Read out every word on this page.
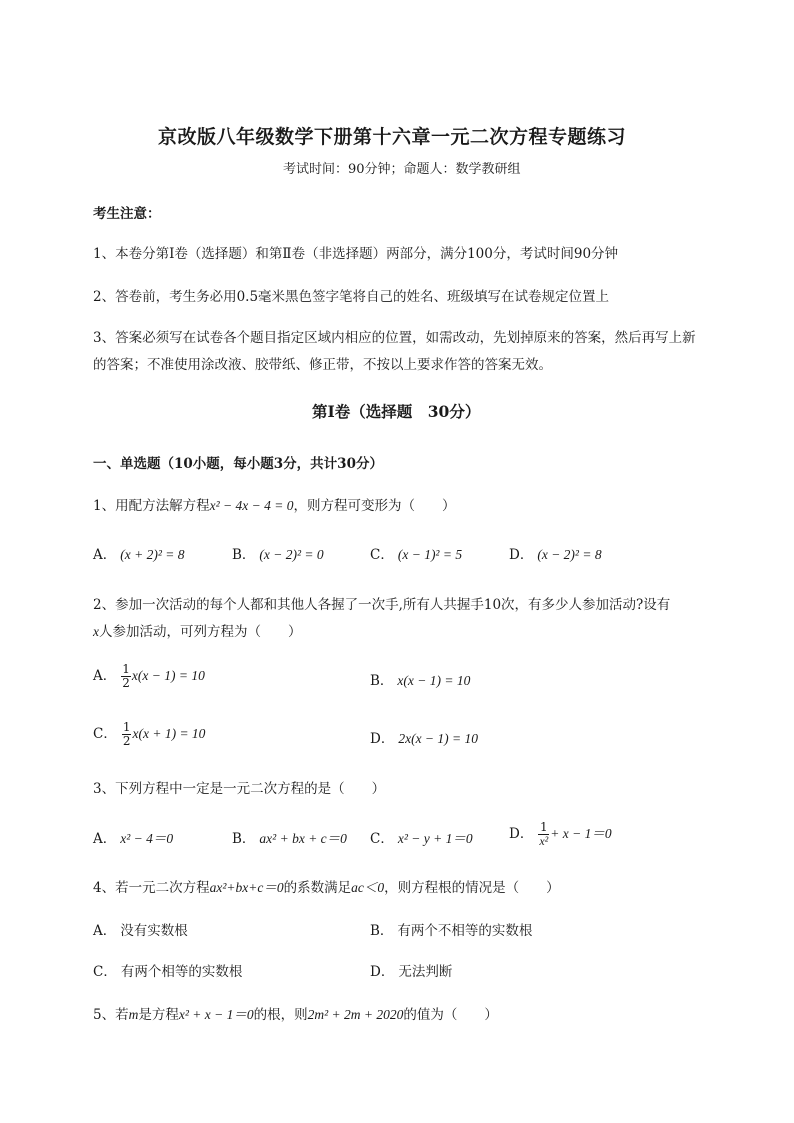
京改版八年级数学下册第十六章一元二次方程专题练习
考试时间：90分钟；命题人：数学教研组
考生注意：
1、本卷分第I卷（选择题）和第Ⅱ卷（非选择题）两部分，满分100分，考试时间90分钟
2、答卷前，考生务必用0.5毫米黑色签字笔将自己的姓名、班级填写在试卷规定位置上
3、答案必须写在试卷各个题目指定区域内相应的位置，如需改动，先划掉原来的答案，然后再写上新
的答案；不准使用涂改液、胶带纸、修正带，不按以上要求作答的答案无效。
第I卷（选择题　30分）
一、单选题（10小题，每小题3分，共计30分）
1、用配方法解方程x² − 4x − 4 = 0，则方程可变形为（　　）
A． (x + 2)² = 8	B． (x − 2)² = 0	C． (x − 1)² = 5	D． (x − 2)² = 8
2、参加一次活动的每个人都和其他人各握了一次手,所有人共握手10次，有多少人参加活动?设有
x人参加活动，可列方程为（　　）
A． $\frac{1}{2} x(x - 1) = 10$	B． x(x − 1) = 10
C． $\frac{1}{2} x(x + 1) = 10$	D． 2x(x − 1) = 10
3、下列方程中一定是一元二次方程的是（　　）
A． x² − 4＝0	B． ax² + bx + c＝0 C． x² − y + 1＝0	D． $\frac{1}{\text{x²}} + x - 1=0$
4、若一元二次方程ax²+bx+c＝0的系数满足ac＜0，则方程根的情况是（　　）
A． 没有实数根	B． 有两个不相等的实数根
C． 有两个相等的实数根	D． 无法判断
5、若m是方程x² + x − 1＝0的根，则2m² + 2m + 2020的值为（　　）
